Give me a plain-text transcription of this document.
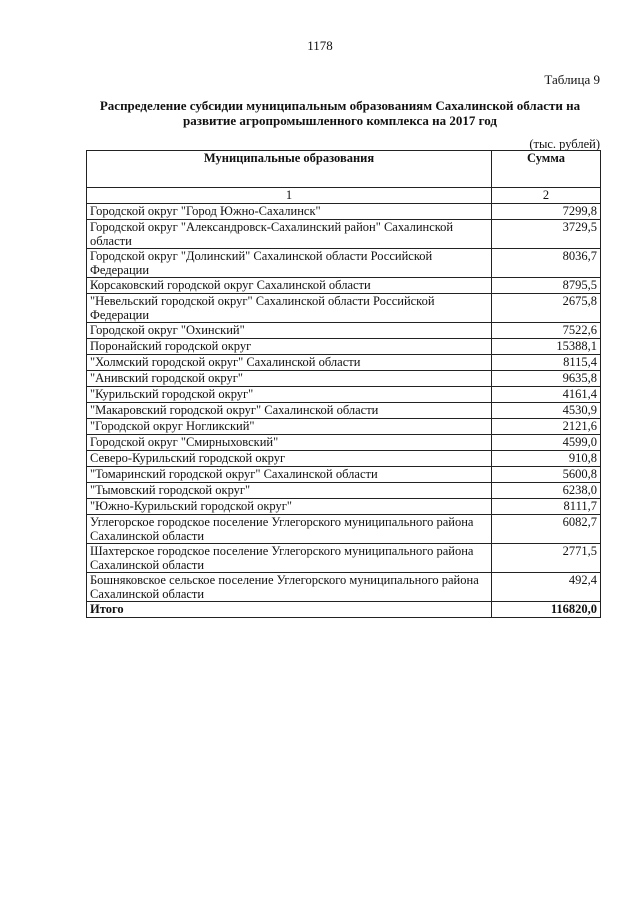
1178
Таблица 9
Распределение субсидии муниципальным образованиям Сахалинской области на
развитие агропромышленного комплекса на 2017 год
(тыс. рублей)
Муниципальные образования	Сумма
1	2
Городской округ "Город Южно-Сахалинск"	7299,8
Городской округ "Александровск-Сахалинский район" Сахалинской области	3729,5
Городской округ "Долинский" Сахалинской области Российской Федерации	8036,7
Корсаковский городской округ Сахалинской области	8795,5
"Невельский городской округ" Сахалинской области Российской Федерации	2675,8
Городской округ "Охинский"	7522,6
Поронайский городской округ	15388,1
"Холмский городской округ" Сахалинской области	8115,4
"Анивский городской округ"	9635,8
"Курильский городской округ"	4161,4
"Макаровский городской округ" Сахалинской области	4530,9
"Городской округ Ногликский"	2121,6
Городской округ "Смирныховский"	4599,0
Северо-Курильский городской округ	910,8
"Томаринский городской округ" Сахалинской области	5600,8
"Тымовский городской округ"	6238,0
"Южно-Курильский городской округ"	8111,7
Углегорское городское поселение Углегорского муниципального района Сахалинской области	6082,7
Шахтерское городское поселение Углегорского муниципального района Сахалинской области	2771,5
Бошняковское сельское поселение Углегорского муниципального района Сахалинской области	492,4
Итого	116820,0
